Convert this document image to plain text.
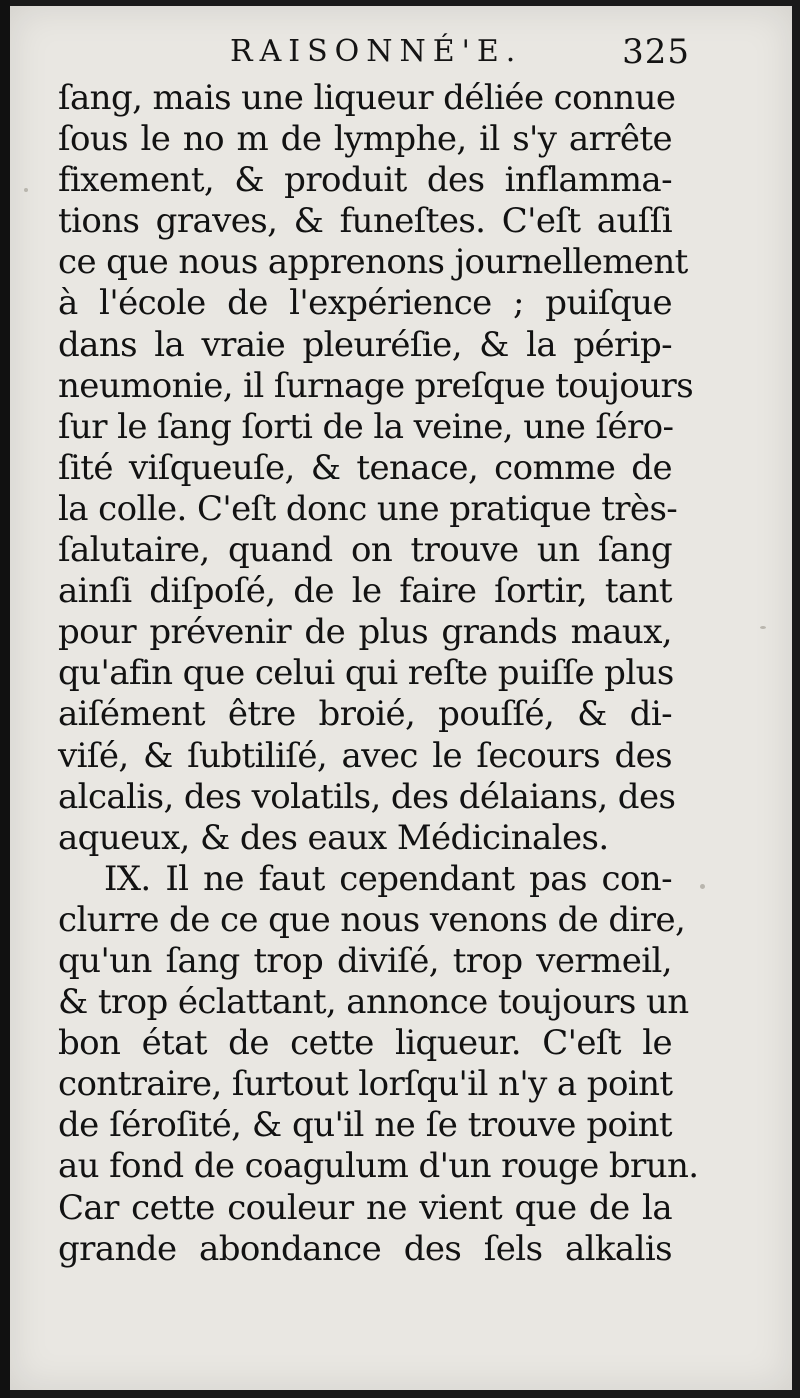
RAISONNÉ'E.	325
ſang, mais une liqueur déliée connue
ſous le no m de lymphe, il s'y arrête
fixement, & produit des inflamma-
tions graves, & funeſtes. C'eſt auſſi
ce que nous apprenons journellement
à l'école de l'expérience ; puiſque
dans la vraie pleuréſie, & la périp-
neumonie, il ſurnage preſque toujours
ſur le ſang ſorti de la veine, une ſéro-
ſité viſqueuſe, & tenace, comme de
la colle. C'eſt donc une pratique très-
ſalutaire, quand on trouve un ſang
ainſi diſpoſé, de le faire ſortir, tant
pour prévenir de plus grands maux,
qu'afin que celui qui reſte puiſſe plus
aiſément être broié, pouſſé, & di-
viſé, & ſubtiliſé, avec le ſecours des
alcalis, des volatils, des délaians, des
aqueux, & des eaux Médicinales.
IX. Il ne faut cependant pas con-
clurre de ce que nous venons de dire,
qu'un ſang trop diviſé, trop vermeil,
& trop éclattant, annonce toujours un
bon état de cette liqueur. C'eſt le
contraire, ſurtout lorſqu'il n'y a point
de ſéroſité, & qu'il ne ſe trouve point
au fond de coagulum d'un rouge brun.
Car cette couleur ne vient que de la
grande abondance des ſels alkalis
